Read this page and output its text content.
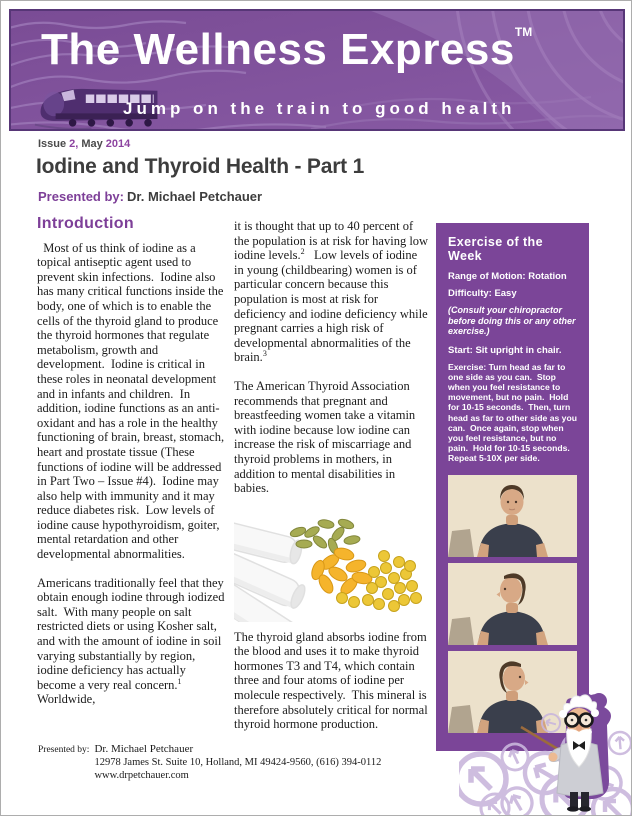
The Wellness Express™
Jump on the train to good health
Issue 2, May 2014
Iodine and Thyroid Health - Part 1
Presented by: Dr. Michael Petchauer
Introduction

Most of us think of iodine as a topical antiseptic agent used to prevent skin infections.  Iodine also has many critical functions inside the body, one of which is to enable the cells of the thyroid gland to produce the thyroid hormones that regulate metabolism, growth and development.  Iodine is critical in these roles in neonatal development and in infants and children.  In addition, iodine functions as an anti-oxidant and has a role in the healthy functioning of brain, breast, stomach, heart and prostate tissue (These functions of iodine will be addressed in Part Two – Issue #4).  Iodine may also help with immunity and it may reduce diabetes risk.  Low levels of iodine cause hypothyroidism, goiter, mental retardation and other developmental abnormalities.

Americans traditionally feel that they obtain enough iodine through iodized salt.  With many people on salt restricted diets or using Kosher salt, and with the amount of iodine in soil varying substantially by region, iodine deficiency has actually become a very real concern.$^1$  Worldwide,

it is thought that up to 40 percent of the population is at risk for having low iodine levels.$^2$   Low levels of iodine in young (childbearing) women is of particular concern because this population is most at risk for deficiency and iodine deficiency while pregnant carries a high risk of developmental abnormalities of the brain.$^3$

The American Thyroid Association recommends that pregnant and breastfeeding women take a vitamin with iodine because low iodine can increase the risk of miscarriage and thyroid problems in mothers, in addition to mental disabilities in babies.

The thyroid gland absorbs iodine from the blood and uses it to make thyroid hormones T3 and T4, which contain three and four atoms of iodine per molecule respectively.  This mineral is therefore absolutely critical for normal thyroid hormone production.

Exercise of the Week

Range of Motion: Rotation

Difficulty: Easy

(Consult your chiropractor before doing this or any other exercise.)

Start: Sit upright in chair.

Exercise: Turn head as far to one side as you can.  Stop when you feel resistance to movement, but no pain.  Hold for 10-15 seconds.  Then, turn head as far to other side as you can.  Once again, stop when you feel resistance, but no pain.  Hold for 10-15 seconds.  Repeat 5-10X per side.

Presented by: Dr. Michael Petchauer
12978 James St. Suite 10, Holland, MI 49424-9560, (616) 394-0112
www.drpetchauer.com
